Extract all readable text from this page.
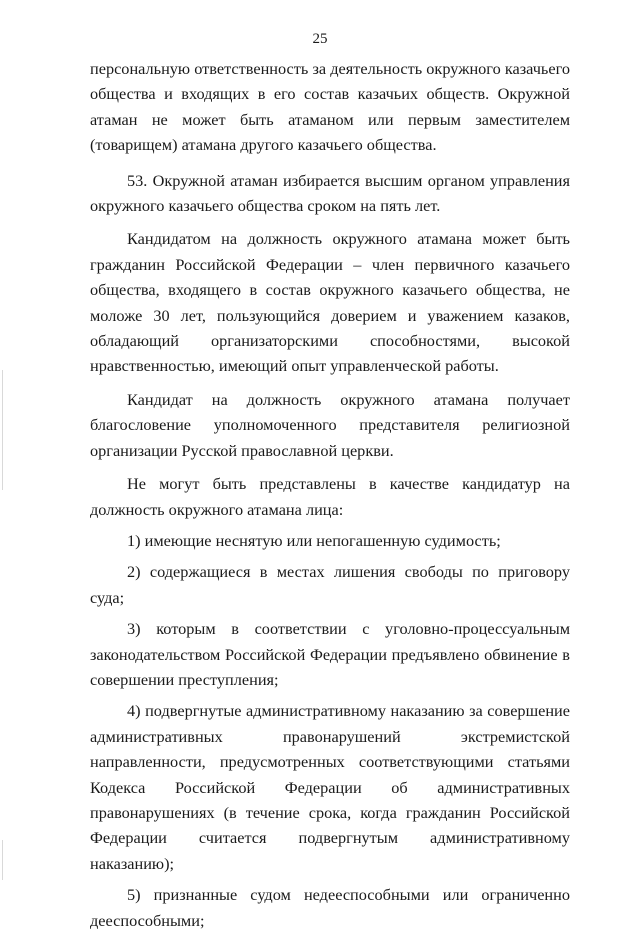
25

персональную ответственность за деятельность окружного казачьего общества и входящих в его состав казачьих обществ. Окружной атаман не может быть атаманом или первым заместителем (товарищем) атамана другого казачьего общества.

53. Окружной атаман избирается высшим органом управления окружного казачьего общества сроком на пять лет.

Кандидатом на должность окружного атамана может быть гражданин Российской Федерации – член первичного казачьего общества, входящего в состав окружного казачьего общества, не моложе 30 лет, пользующийся доверием и уважением казаков, обладающий организаторскими способностями, высокой нравственностью, имеющий опыт управленческой работы.

Кандидат на должность окружного атамана получает благословение уполномоченного представителя религиозной организации Русской православной церкви.

Не могут быть представлены в качестве кандидатур на должность окружного атамана лица:

1) имеющие неснятую или непогашенную судимость;

2) содержащиеся в местах лишения свободы по приговору суда;

3) которым в соответствии с уголовно-процессуальным законодательством Российской Федерации предъявлено обвинение в совершении преступления;

4) подвергнутые административному наказанию за совершение административных правонарушений экстремистской направленности, предусмотренных соответствующими статьями Кодекса Российской Федерации об административных правонарушениях (в течение срока, когда гражданин Российской Федерации считается подвергнутым административному наказанию);

5) признанные судом недееспособными или ограниченно дееспособными;
